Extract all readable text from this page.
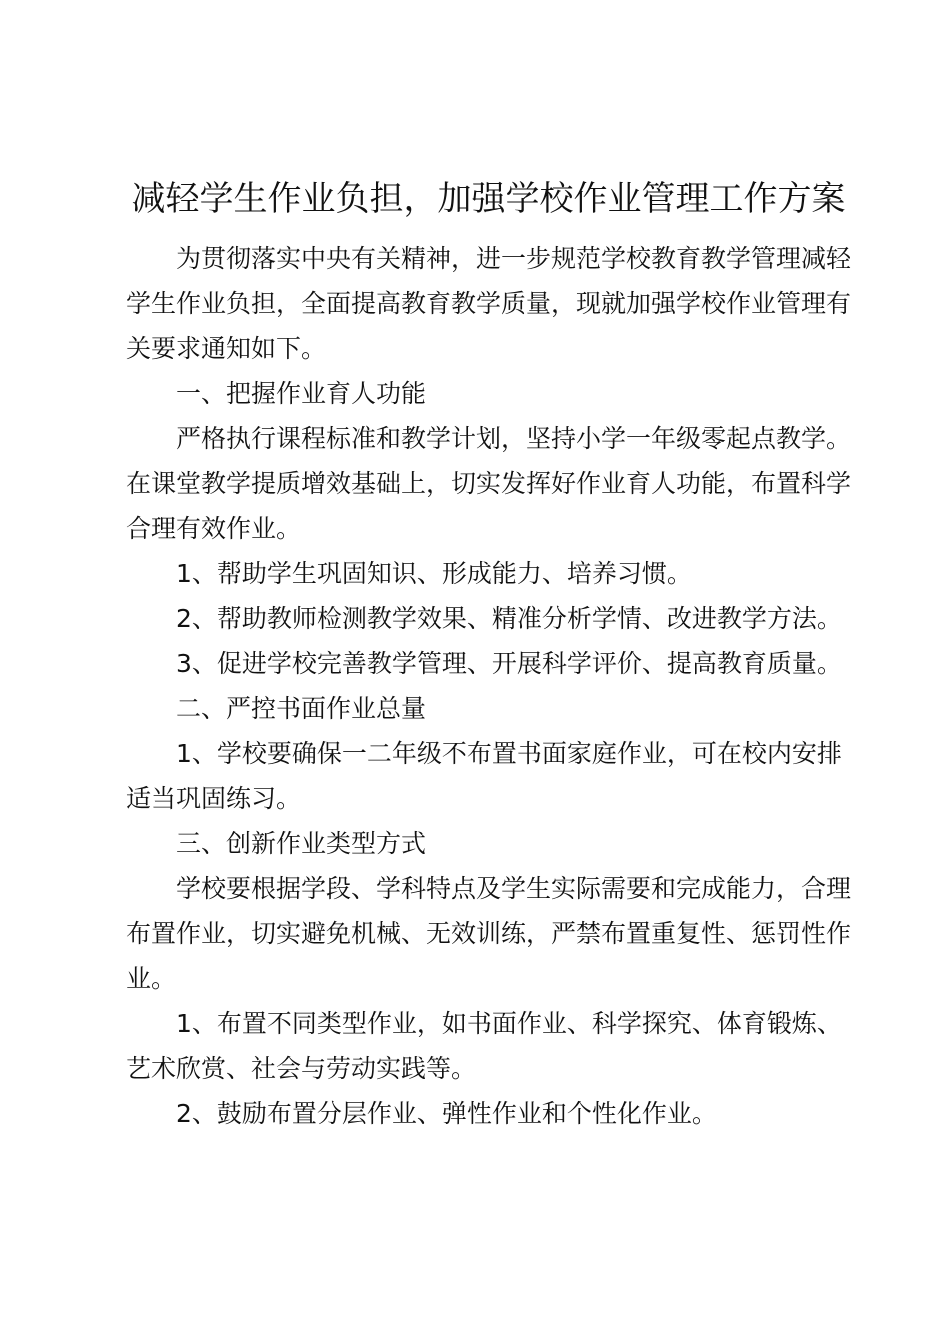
减轻学生作业负担，加强学校作业管理工作方案

为贯彻落实中央有关精神，进一步规范学校教育教学管理减轻学生作业负担，全面提高教育教学质量，现就加强学校作业管理有关要求通知如下。

一、把握作业育人功能

严格执行课程标准和教学计划，坚持小学一年级零起点教学。在课堂教学提质增效基础上，切实发挥好作业育人功能，布置科学合理有效作业。

1、帮助学生巩固知识、形成能力、培养习惯。

2、帮助教师检测教学效果、精准分析学情、改进教学方法。

3、促进学校完善教学管理、开展科学评价、提高教育质量。

二、严控书面作业总量

1、学校要确保一二年级不布置书面家庭作业，可在校内安排适当巩固练习。

三、创新作业类型方式

学校要根据学段、学科特点及学生实际需要和完成能力，合理布置作业，切实避免机械、无效训练，严禁布置重复性、惩罚性作业。

1、布置不同类型作业，如书面作业、科学探究、体育锻炼、艺术欣赏、社会与劳动实践等。

2、鼓励布置分层作业、弹性作业和个性化作业。
